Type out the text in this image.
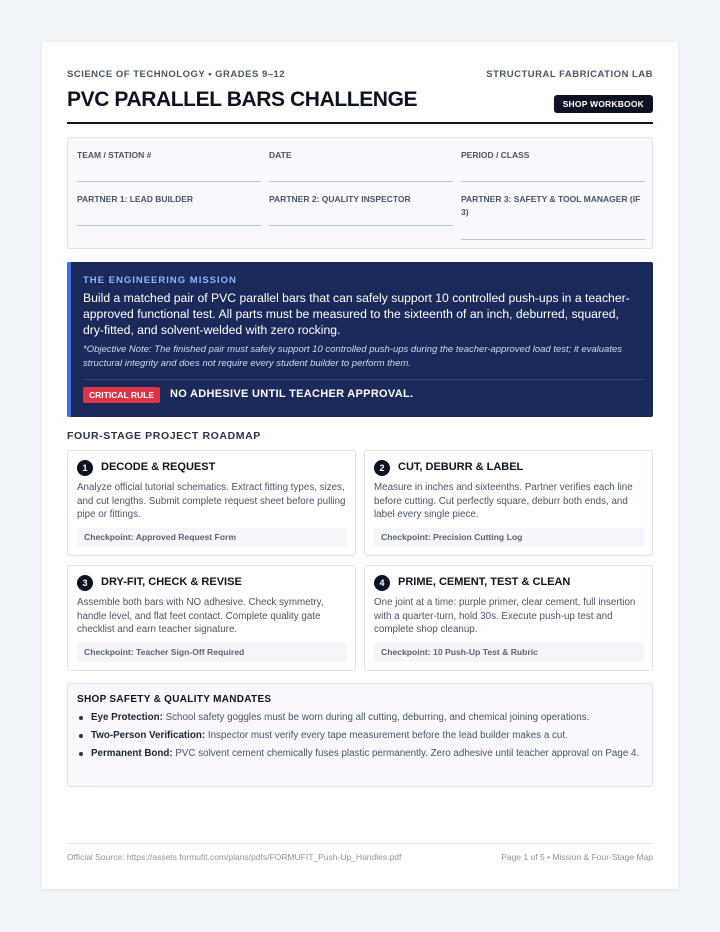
SCIENCE OF TECHNOLOGY • GRADES 9–12	STRUCTURAL FABRICATION LAB
PVC PARALLEL BARS CHALLENGE	SHOP WORKBOOK
TEAM / STATION #	DATE	PERIOD / CLASS
PARTNER 1: LEAD BUILDER	PARTNER 2: QUALITY INSPECTOR	PARTNER 3: SAFETY & TOOL MANAGER (IF 3)
THE ENGINEERING MISSION
Build a matched pair of PVC parallel bars that can safely support 10 controlled push-ups in a teacher-approved functional test. All parts must be measured to the sixteenth of an inch, deburred, squared, dry-fitted, and solvent-welded with zero rocking.
*Objective Note: The finished pair must safely support 10 controlled push-ups during the teacher-approved load test; it evaluates structural integrity and does not require every student builder to perform them.
CRITICAL RULE	NO ADHESIVE UNTIL TEACHER APPROVAL.
FOUR-STAGE PROJECT ROADMAP
1	DECODE & REQUEST
Analyze official tutorial schematics. Extract fitting types, sizes, and cut lengths. Submit complete request sheet before pulling pipe or fittings.
Checkpoint: Approved Request Form
2	CUT, DEBURR & LABEL
Measure in inches and sixteenths. Partner verifies each line before cutting. Cut perfectly square, deburr both ends, and label every single piece.
Checkpoint: Precision Cutting Log
3	DRY-FIT, CHECK & REVISE
Assemble both bars with NO adhesive. Check symmetry, handle level, and flat feet contact. Complete quality gate checklist and earn teacher signature.
Checkpoint: Teacher Sign-Off Required
4	PRIME, CEMENT, TEST & CLEAN
One joint at a time: purple primer, clear cement, full insertion with a quarter-turn, hold 30s. Execute push-up test and complete shop cleanup.
Checkpoint: 10 Push-Up Test & Rubric
SHOP SAFETY & QUALITY MANDATES
Eye Protection: School safety goggles must be worn during all cutting, deburring, and chemical joining operations.
Two-Person Verification: Inspector must verify every tape measurement before the lead builder makes a cut.
Permanent Bond: PVC solvent cement chemically fuses plastic permanently. Zero adhesive until teacher approval on Page 4.
Official Source: https://assets.formufit.com/plans/pdfs/FORMUFIT_Push-Up_Handles.pdf	Page 1 of 5 • Mission & Four-Stage Map
